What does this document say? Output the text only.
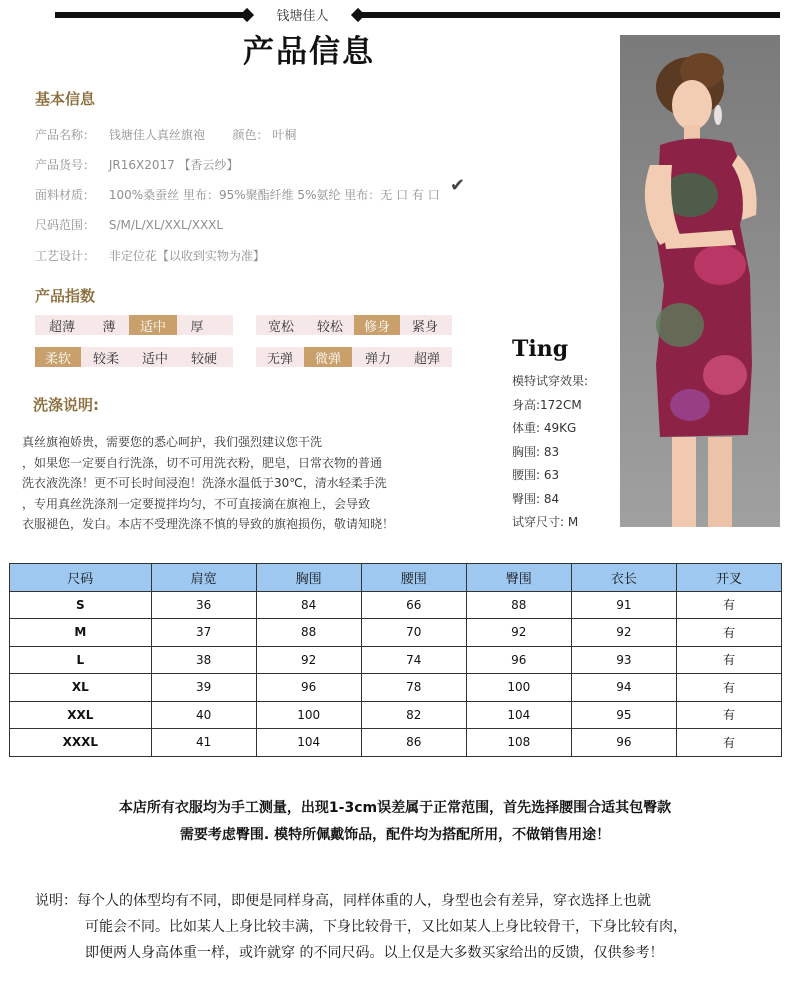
钱塘佳人
产品信息
基本信息
产品名称： 钱塘佳人真丝旗袍 颜色： 叶桐
产品货号： JR16X2017 【香云纱】
面料材质： 100%桑蚕丝 里布：95%聚酯纤维 5%氨纶 里布：无 口 有 口 ✔
尺码范围： S/M/L/XL/XXL/XXXL
工艺设计： 非定位花【以收到实物为准】
产品指数
超薄	薄	适中	厚	宽松	较松	修身	紧身
柔软	较柔	适中	较硬	无弹	微弹	弹力	超弹
洗涤说明:
真丝旗袍娇贵，需要您的悉心呵护，我们强烈建议您干洗
，如果您一定要自行洗涤，切不可用洗衣粉，肥皂，日常衣物的普通
洗衣液洗涤！更不可长时间浸泡！洗涤水温低于30℃，清水轻柔手洗
，专用真丝洗涤剂一定要搅拌均匀，不可直接滴在旗袍上，会导致
衣服褪色，发白。本店不受理洗涤不慎的导致的旗袍损伤，敬请知晓！
Ting
模特试穿效果:
身高:172CM
体重: 49KG
胸围: 83
腰围: 63
臀围: 84
试穿尺寸: M
尺码	肩宽	胸围	腰围	臀围	衣长	开叉
S	36	84	66	88	91	有
M	37	88	70	92	92	有
L	38	92	74	96	93	有
XL	39	96	78	100	94	有
XXL	40	100	82	104	95	有
XXXL	41	104	86	108	96	有
本店所有衣服均为手工测量，出现1-3cm误差属于正常范围，首先选择腰围合适其包臀款
需要考虑臀围. 模特所佩戴饰品，配件均为搭配所用，不做销售用途！
说明：每个人的体型均有不同，即便是同样身高，同样体重的人，身型也会有差异，穿衣选择上也就
可能会不同。比如某人上身比较丰满，下身比较骨干，又比如某人上身比较骨干，下身比较有肉，
即便两人身高体重一样，或许就穿 的不同尺码。以上仅是大多数买家给出的反馈，仅供参考！
